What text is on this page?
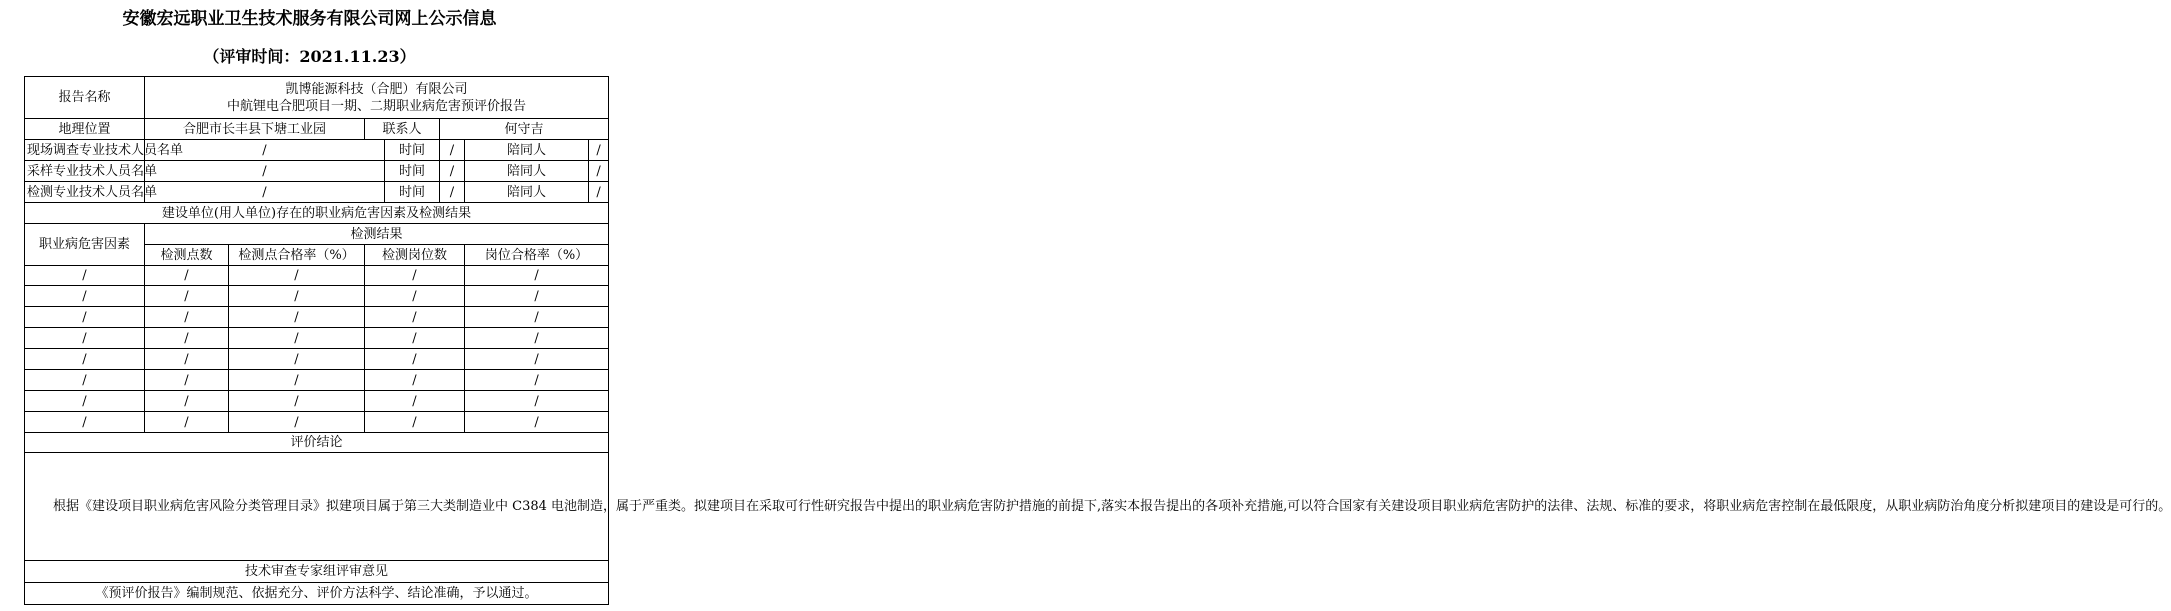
安徽宏远职业卫生技术服务有限公司网上公示信息
（评审时间：2021.11.23）
报告名称	凯博能源科技（合肥）有限公司
中航锂电合肥项目一期、二期职业病危害预评价报告						

地理位置	合肥市长丰县下塘工业园		联系人		何守吉		
现场调查专业技术人员名单	/			时间	/	陪同人	/
采样专业技术人员名单	/			时间	/	陪同人	/
检测专业技术人员名单	/			时间	/	陪同人	/
建设单位(用人单位)存在的职业病危害因素及检测结果							
职业病危害因素	检测结果						
	检测点数	检测点合格率（%）	检测岗位数			岗位合格率（%）	
/	/	/	/			/	
/	/	/	/			/	
/	/	/	/			/	
/	/	/	/			/	
/	/	/	/			/	
/	/	/	/			/	
/	/	/	/			/	
/	/	/	/			/	
评价结论							
根据《建设项目职业病危害风险分类管理目录》拟建项目属于第三大类制造业中 C384 电池制造，属于严重类。拟建项目在采取可行性研究报告中提出的职业病危害防护措施的前提下,落实本报告提出的各项补充措施,可以符合国家有关建设项目职业病危害防护的法律、法规、标准的要求，将职业病危害控制在最低限度，从职业病防治角度分析拟建项目的建设是可行的。							
技术审查专家组评审意见							
《预评价报告》编制规范、依据充分、评价方法科学、结论准确，予以通过。							
